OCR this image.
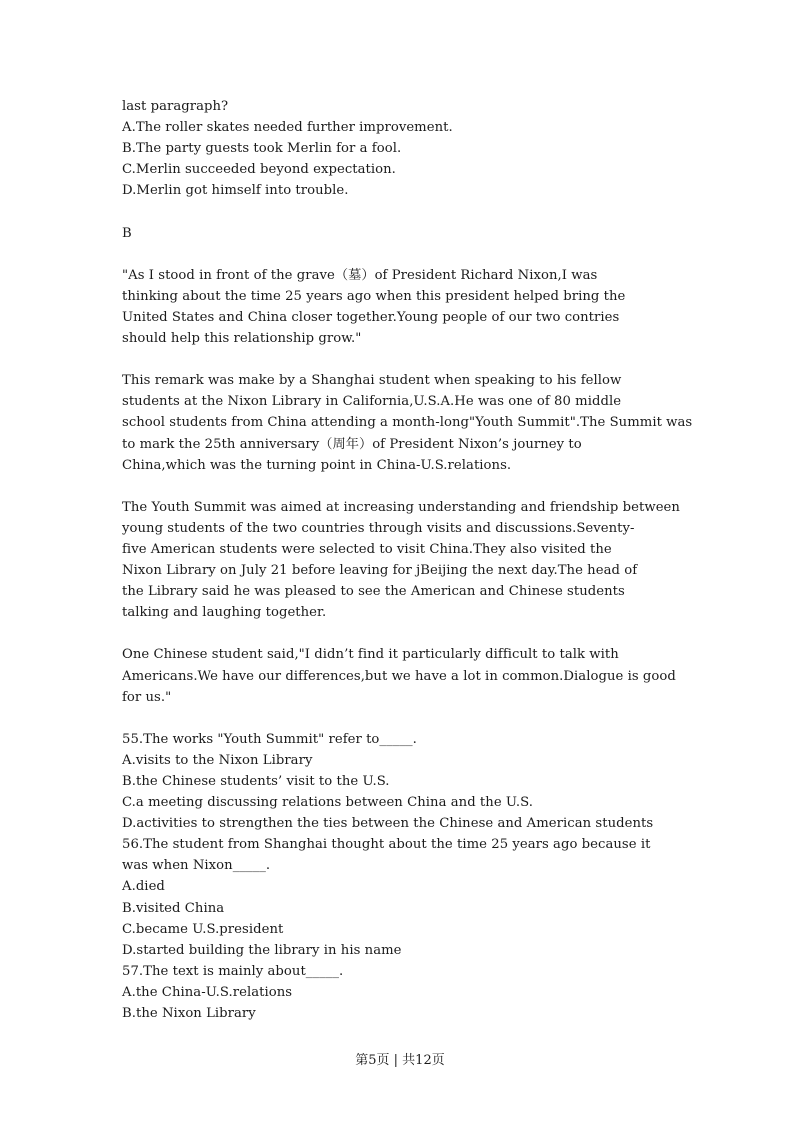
last paragraph?
A.The roller skates needed further improvement.
B.The party guests took Merlin for a fool.
C.Merlin succeeded beyond expectation.
D.Merlin got himself into trouble.
B
"As I stood in front of the grave（墓）of President Richard Nixon,I was
thinking about the time 25 years ago when this president helped bring the
United States and China closer together.Young people of our two contries
should help this relationship grow."
This remark was make by a Shanghai student when speaking to his fellow
students at the Nixon Library in California,U.S.A.He was one of 80 middle
school students from China attending a month-long"Youth Summit".The Summit was
to mark the 25th anniversary（周年）of President Nixon’s journey to
China,which was the turning point in China-U.S.relations.
The Youth Summit was aimed at increasing understanding and friendship between
young students of the two countries through visits and discussions.Seventy-
five American students were selected to visit China.They also visited the
Nixon Library on July 21 before leaving for jBeijing the next day.The head of
the Library said he was pleased to see the American and Chinese students
talking and laughing together.
One Chinese student said,"I didn’t find it particularly difficult to talk with
Americans.We have our differences,but we have a lot in common.Dialogue is good
for us."
55.The works "Youth Summit" refer to_____.
A.visits to the Nixon Library
B.the Chinese students’ visit to the U.S.
C.a meeting discussing relations between China and the U.S.
D.activities to strengthen the ties between the Chinese and American students
56.The student from Shanghai thought about the time 25 years ago because it
was when Nixon_____.
A.died
B.visited China
C.became U.S.president
D.started building the library in his name
57.The text is mainly about_____.
A.the China-U.S.relations
B.the Nixon Library
第5页 | 共12页
